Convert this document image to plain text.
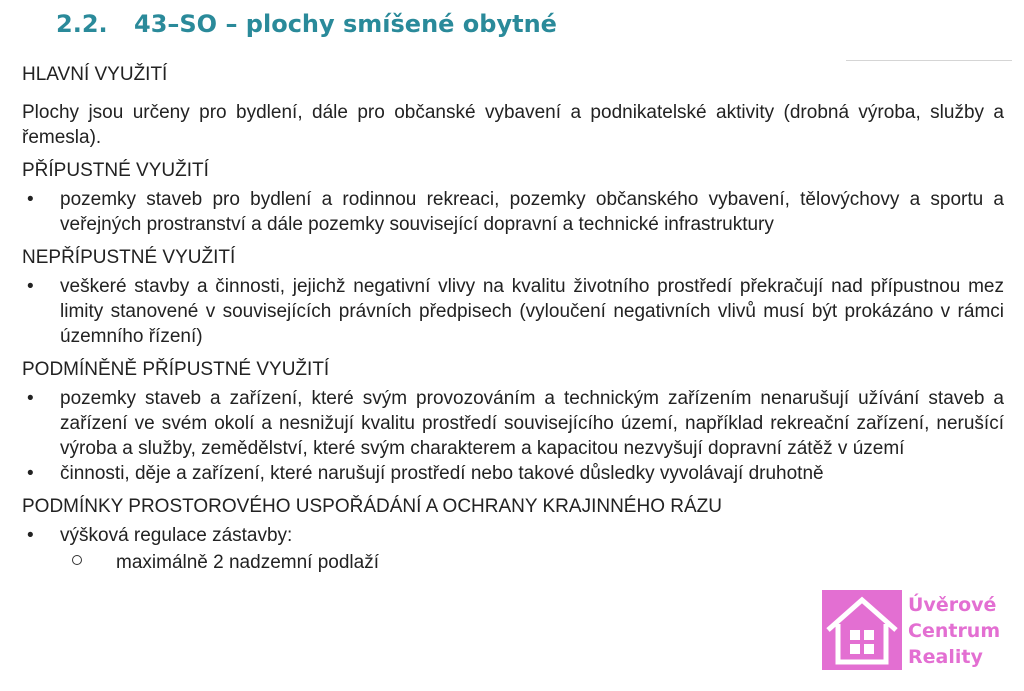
2.2. 43–SO – plochy smíšené obytné
HLAVNÍ VYUŽITÍ
Plochy jsou určeny pro bydlení, dále pro občanské vybavení a podnikatelské aktivity (drobná výroba, služby a řemesla).
PŘÍPUSTNÉ VYUŽITÍ
•	pozemky staveb pro bydlení a rodinnou rekreaci, pozemky občanského vybavení, tělovýchovy a sportu a veřejných prostranství a dále pozemky související dopravní a technické infrastruktury
NEPŘÍPUSTNÉ VYUŽITÍ
•	veškeré stavby a činnosti, jejichž negativní vlivy na kvalitu životního prostředí překračují nad přípustnou mez limity stanovené v souvisejících právních předpisech (vyloučení negativních vlivů musí být prokázáno v rámci územního řízení)
PODMÍNĚNĚ PŘÍPUSTNÉ VYUŽITÍ
•	pozemky staveb a zařízení, které svým provozováním a technickým zařízením nenarušují užívání staveb a zařízení ve svém okolí a nesnižují kvalitu prostředí souvisejícího území, například rekreační zařízení, nerušící výroba a služby, zemědělství, které svým charakterem a kapacitou nezvyšují dopravní zátěž v území
•	činnosti, děje a zařízení, které narušují prostředí nebo takové důsledky vyvolávají druhotně
PODMÍNKY PROSTOROVÉHO USPOŘÁDÁNÍ A OCHRANY KRAJINNÉHO RÁZU
•	výšková regulace zástavby:
maximálně 2 nadzemní podlaží
Úvěrové
Centrum
Reality
